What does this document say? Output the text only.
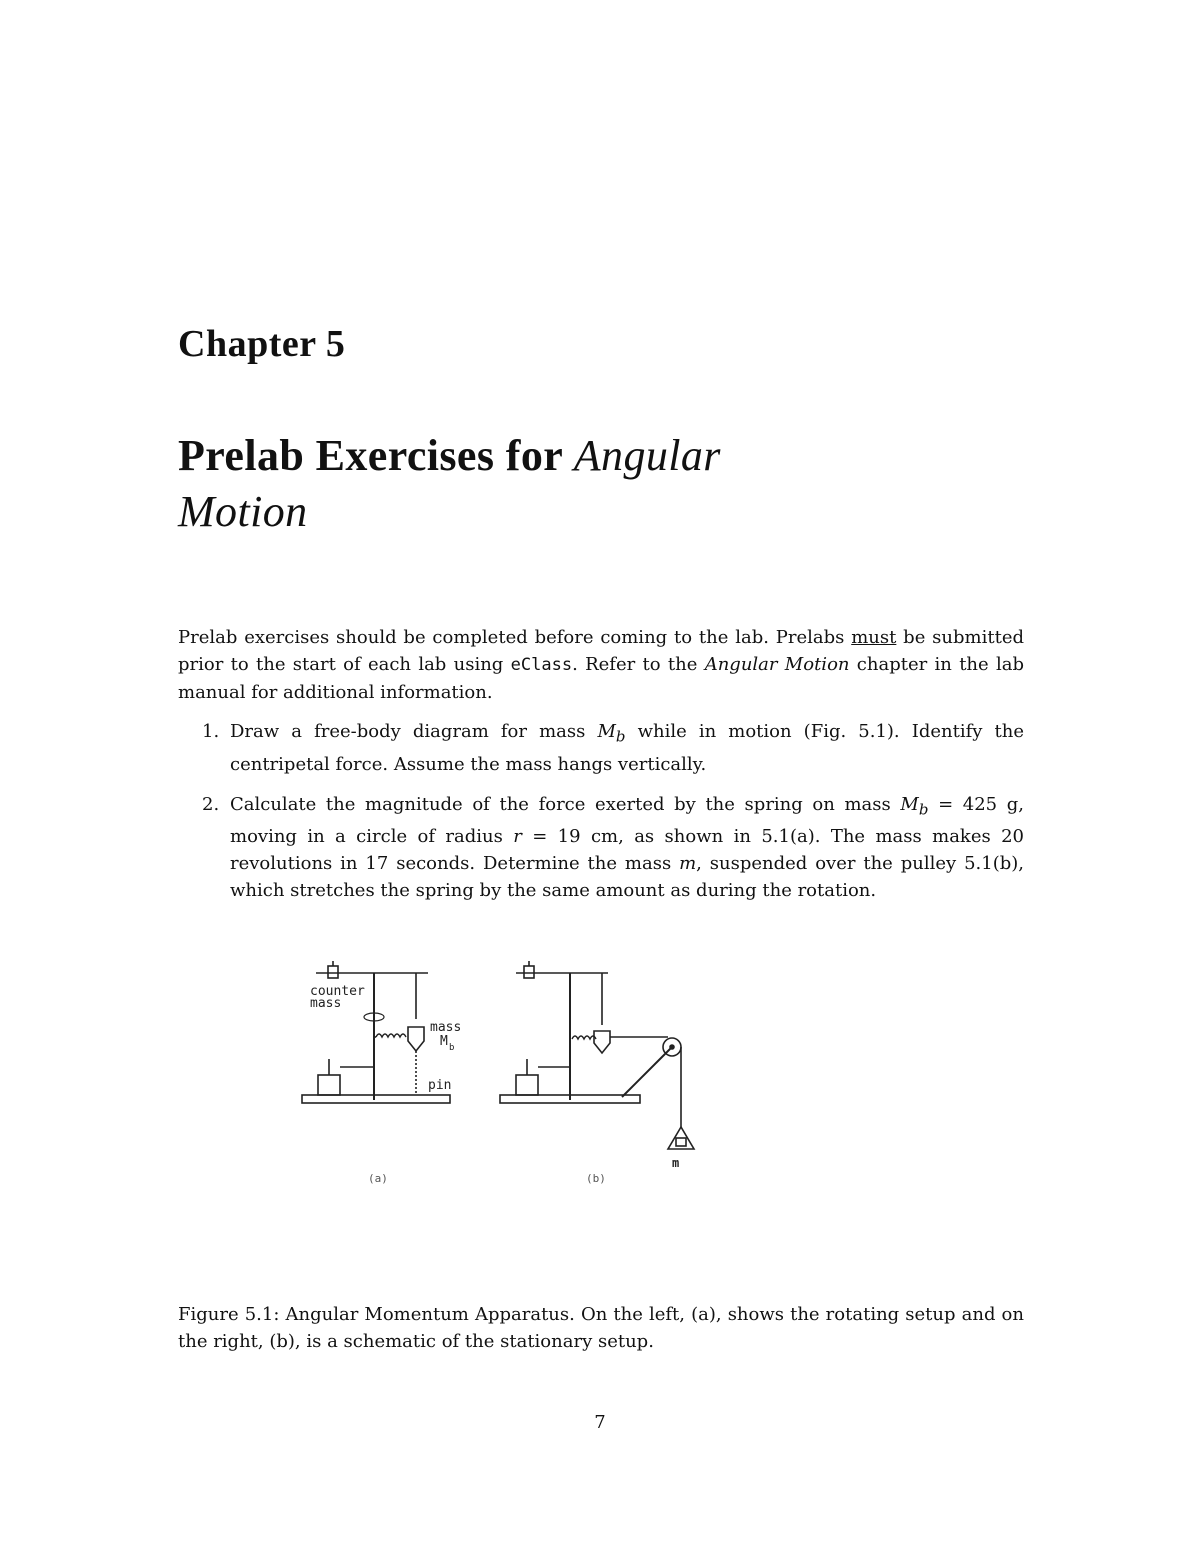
Chapter 5
Prelab Exercises for Angular
Motion

Prelab exercises should be completed before coming to the lab. Prelabs must be submitted prior to the start of each lab using eClass. Refer to the Angular Motion chapter in the lab manual for additional information.

1. Draw a free-body diagram for mass $M_b$ while in motion (Fig. 5.1). Identify the centripetal force. Assume the mass hangs vertically.
2. Calculate the magnitude of the force exerted by the spring on mass $M_b = 425$ g, moving in a circle of radius r = 19 cm, as shown in 5.1(a). The mass makes 20 revolutions in 17 seconds. Determine the mass m, suspended over the pulley 5.1(b), which stretches the spring by the same amount as during the rotation.
counter
mass
mass
M b
pin
m
(a)	(b)

Figure 5.1: Angular Momentum Apparatus. On the left, (a), shows the rotating setup and on the right, (b), is a schematic of the stationary setup.

7
